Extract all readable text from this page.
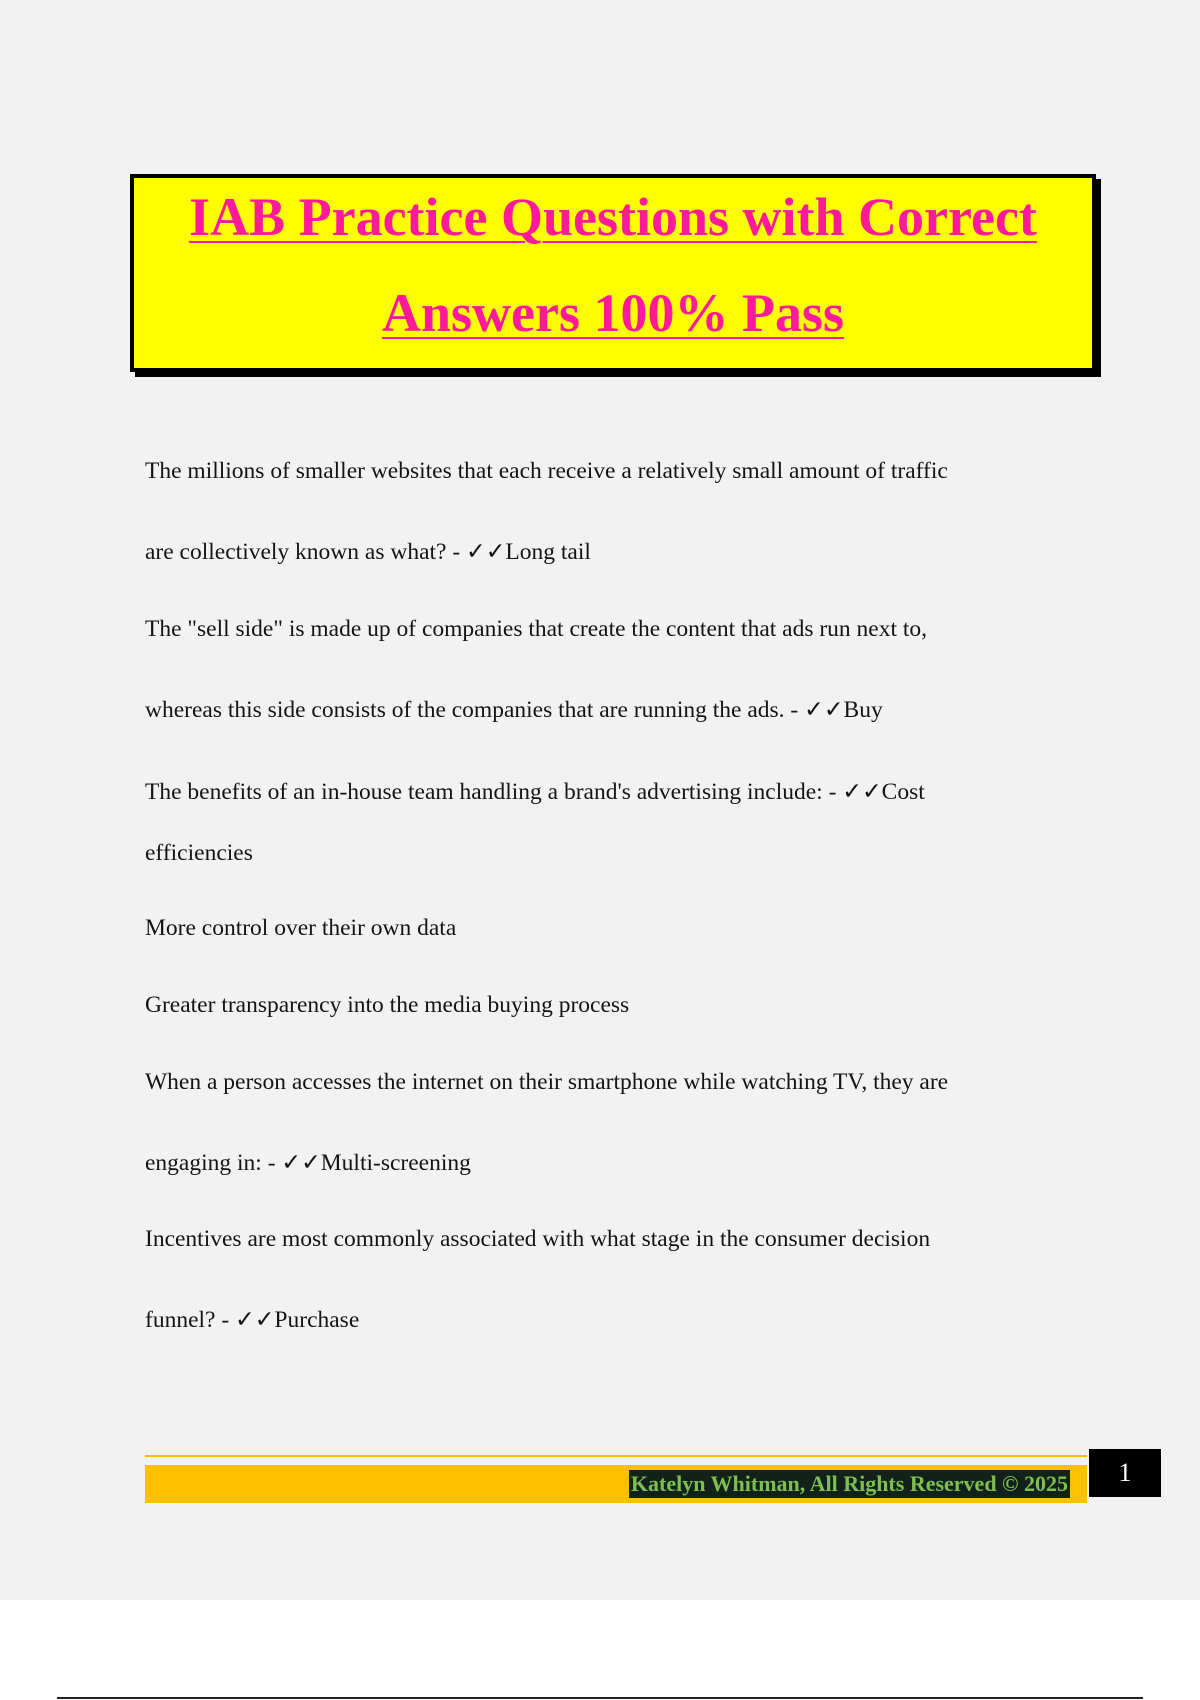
IAB Practice Questions with Correct
Answers 100% Pass
The millions of smaller websites that each receive a relatively small amount of traffic
are collectively known as what? - ✓✓Long tail
The "sell side" is made up of companies that create the content that ads run next to,
whereas this side consists of the companies that are running the ads. - ✓✓Buy
The benefits of an in-house team handling a brand's advertising include: - ✓✓Cost
efficiencies
More control over their own data
Greater transparency into the media buying process
When a person accesses the internet on their smartphone while watching TV, they are
engaging in: - ✓✓Multi-screening
Incentives are most commonly associated with what stage in the consumer decision
funnel? - ✓✓Purchase
Katelyn Whitman, All Rights Reserved © 2025	1
